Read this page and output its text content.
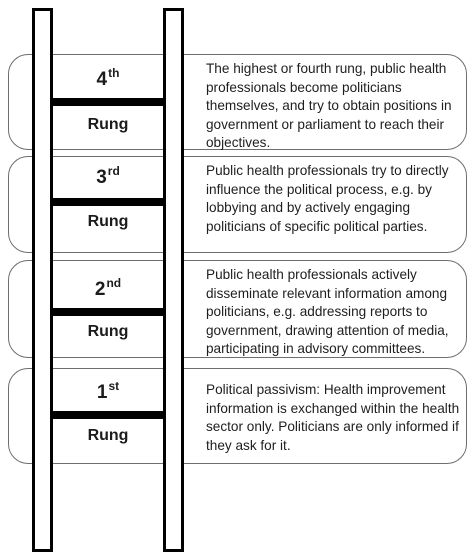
The highest or fourth rung, public health professionals become politicians themselves, and try to obtain positions in government or parliament to reach their objectives.
Public health professionals try to directly influence the political process, e.g. by lobbying and by actively engaging politicians of specific political parties.
Public health professionals actively disseminate relevant information among politicians, e.g. addressing reports to government, drawing attention of media, participating in advisory committees.
Political passivism: Health improvement information is exchanged within the health sector only. Politicians are only informed if they ask for it.
4th
Rung
3rd
Rung
2nd
Rung
1st
Rung
